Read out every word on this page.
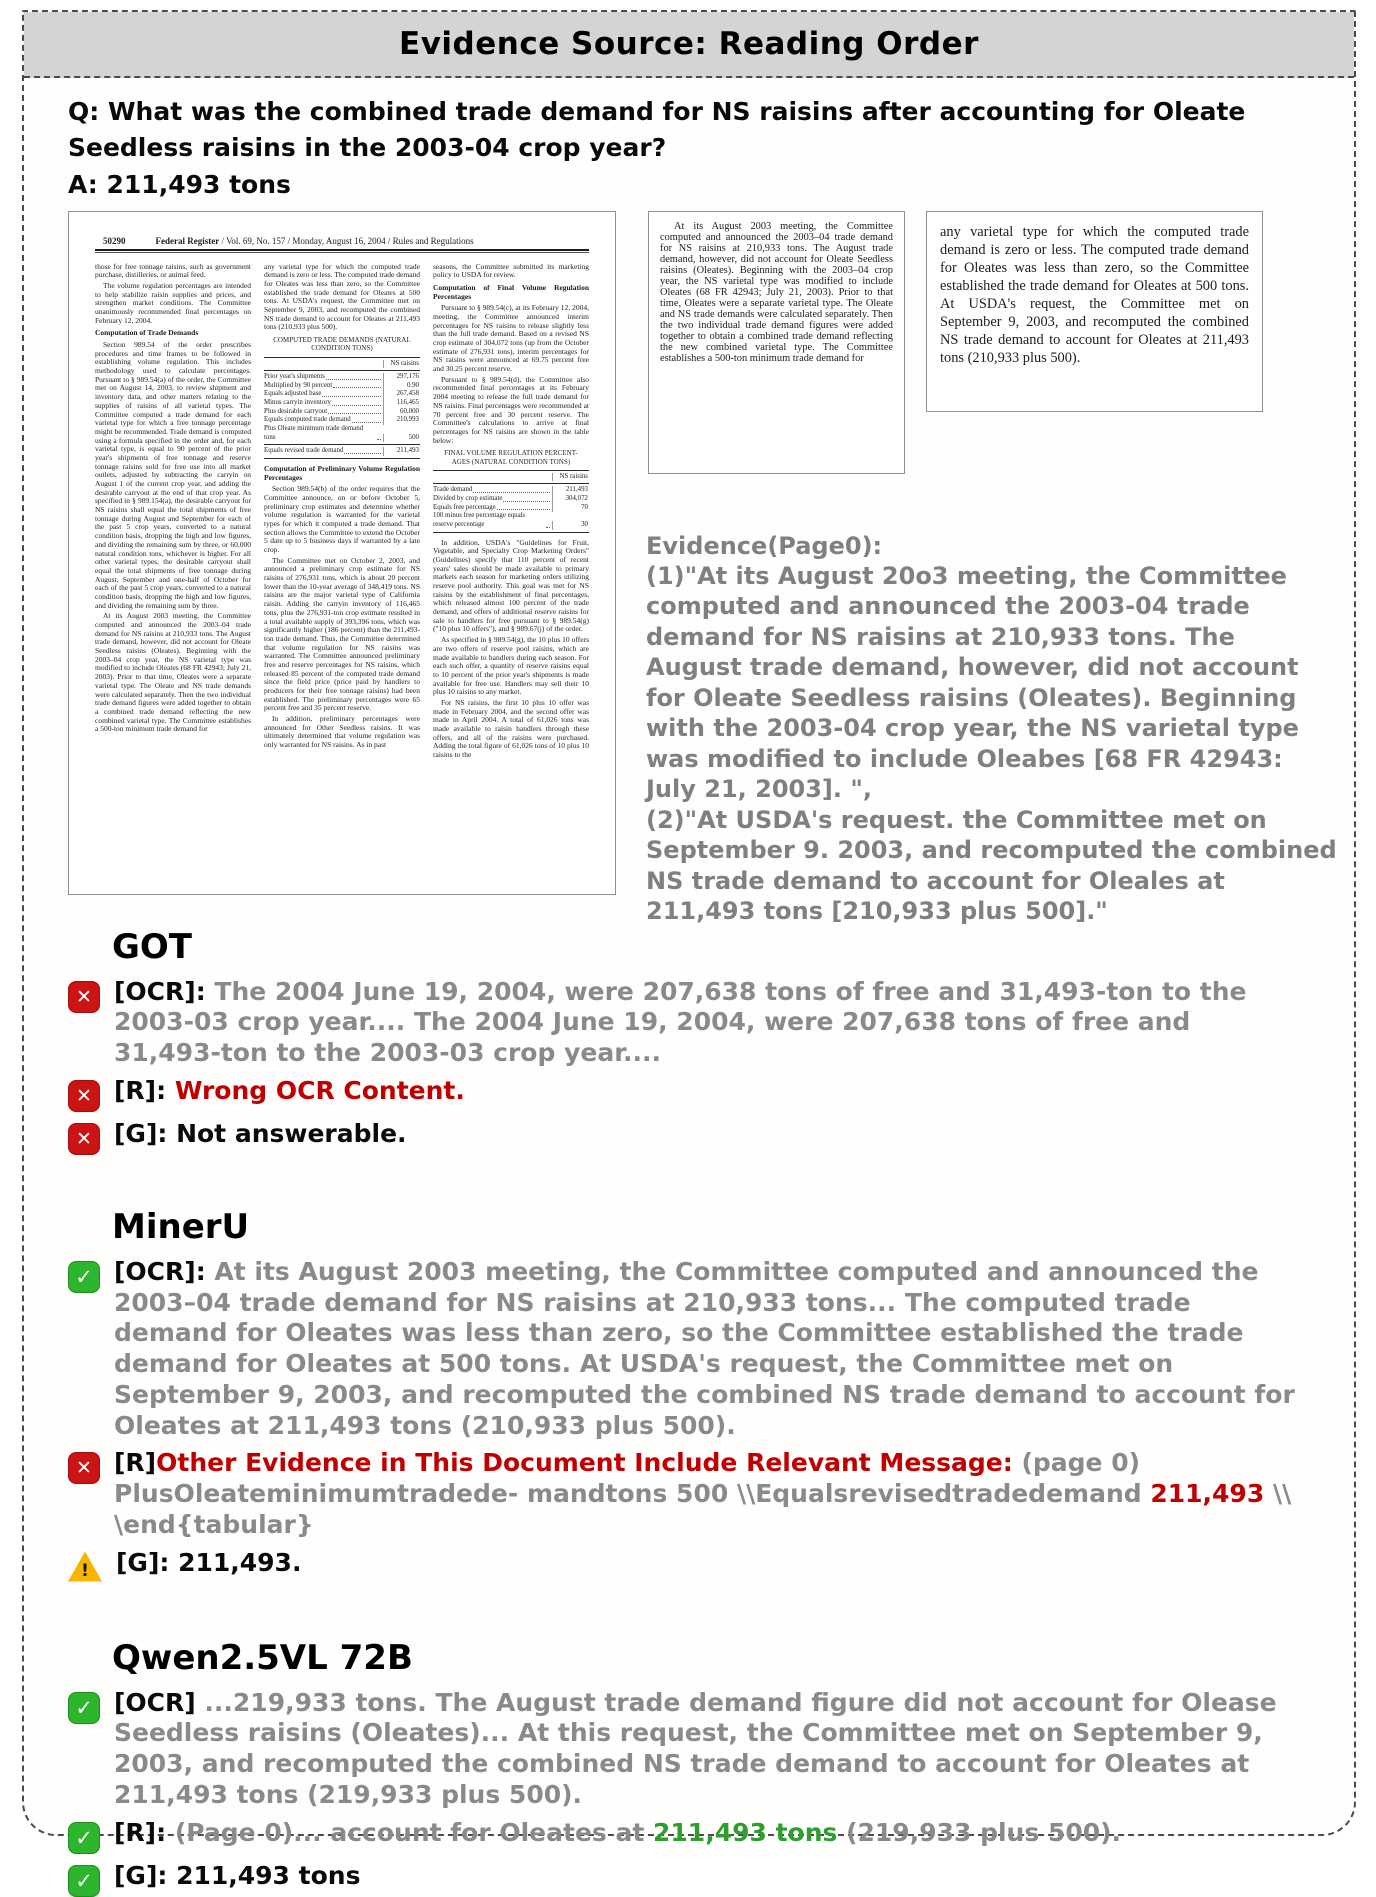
Evidence Source: Reading Order
Q: What was the combined trade demand for NS raisins after accounting for Oleate Seedless raisins in the 2003-04 crop year?
A: 211,493 tons
50290	Federal Register / Vol. 69, No. 157 / Monday, August 16, 2004 / Rules and Regulations
those for free tonnage raisins, such as government purchase, distilleries, or animal feed.
The volume regulation percentages are intended to help stabilize raisin supplies and prices, and strengthen market conditions. The Committee unanimously recommended final percentages on February 12, 2004.
Computation of Trade Demands
Section 989.54 of the order prescribes procedures and time frames to be followed in establishing volume regulation. This includes methodology used to calculate percentages. Pursuant to § 989.54(a) of the order, the Committee met on August 14, 2003, to review shipment and inventory data, and other matters relating to the supplies of raisins of all varietal types. The Committee computed a trade demand for each varietal type for which a free tonnage percentage might be recommended. Trade demand is computed using a formula specified in the order and, for each varietal type, is equal to 90 percent of the prior year's shipments of free tonnage and reserve tonnage raisins sold for free use into all market outlets, adjusted by subtracting the carryin on August 1 of the current crop year, and adding the desirable carryout at the end of that crop year. As specified in § 989.154(a), the desirable carryout for NS raisins shall equal the total shipments of free tonnage during August and September for each of the past 5 crop years, converted to a natural condition basis, dropping the high and low figures, and dividing the remaining sum by three, or 60,000 natural condition tons, whichever is higher. For all other varietal types, the desirable carryout shall equal the total shipments of free tonnage during August, September and one-half of October for each of the past 5 crop years, converted to a natural condition basis, dropping the high and low figures, and dividing the remaining sum by three.
At its August 2003 meeting, the Committee computed and announced the 2003–04 trade demand for NS raisins at 210,933 tons. The August trade demand, however, did not account for Oleate Seedless raisins (Oleates). Beginning with the 2003–04 crop year, the NS varietal type was modified to include Oleates (68 FR 42943; July 21, 2003). Prior to that time, Oleates were a separate varietal type. The Oleate and NS trade demands were calculated separately. Then the two individual trade demand figures were added together to obtain a combined trade demand reflecting the new combined varietal type. The Committee establishes a 500-ton minimum trade demand for
any varietal type for which the computed trade demand is zero or less. The computed trade demand for Oleates was less than zero, so the Committee established the trade demand for Oleates at 500 tons. At USDA's request, the Committee met on September 9, 2003, and recomputed the combined NS trade demand to account for Oleates at 211,493 tons (210,933 plus 500).
COMPUTED TRADE DEMANDS (NATURAL CONDITION TONS)
NS raisins
Prior year's shipments	297,176
Multiplied by 90 percent	0.90
Equals adjusted base	267,458
Minus carryin inventory	116,465
Plus desirable carryout	60,000
Equals computed trade demand	210,993
Plus Oleate minimum trade demand tons	500
Equals revised trade demand	211,493
Computation of Preliminary Volume Regulation Percentages
Section 989.54(b) of the order requires that the Committee announce, on or before October 5, preliminary crop estimates and determine whether volume regulation is warranted for the varietal types for which it computed a trade demand. That section allows the Committee to extend the October 5 date up to 5 business days if warranted by a late crop.
The Committee met on October 2, 2003, and announced a preliminary crop estimate for NS raisins of 276,931 tons, which is about 20 percent lower than the 10-year average of 348,419 tons. NS raisins are the major varietal type of California raisin. Adding the carryin inventory of 116,465 tons, plus the 276,931-ton crop estimate resulted in a total available supply of 393,396 tons, which was significantly higher (186 percent) than the 211,493-ton trade demand. Thus, the Committee determined that volume regulation for NS raisins was warranted. The Committee announced preliminary free and reserve percentages for NS raisins, which released 85 percent of the computed trade demand since the field price (price paid by handlers to producers for their free tonnage raisins) had been established. The preliminary percentages were 65 percent free and 35 percent reserve.
In addition, preliminary percentages were announced for Other Seedless raisins. It was ultimately determined that volume regulation was only warranted for NS raisins. As in past
seasons, the Committee submitted its marketing policy to USDA for review.
Computation of Final Volume Regulation Percentages
Pursuant to § 989.54(c), at its February 12, 2004, meeting, the Committee announced interim percentages for NS raisins to release slightly less than the full trade demand. Based on a revised NS crop estimate of 304,072 tons (up from the October estimate of 276,931 tons), interim percentages for NS raisins were announced at 69.75 percent free and 30.25 percent reserve.
Pursuant to § 989.54(d), the Committee also recommended final percentages at its February 2004 meeting to release the full trade demand for NS raisins. Final percentages were recommended at 70 percent free and 30 percent reserve. The Committee's calculations to arrive at final percentages for NS raisins are shown in the table below:
FINAL VOLUME REGULATION PERCENT- AGES (NATURAL CONDITION TONS)
NS raisins
Trade demand	211,493
Divided by crop estimate	304,072
Equals free percentage	70
100 minus free percentage equals reserve percentage	30
In addition, USDA's "Guidelines for Fruit, Vegetable, and Specialty Crop Marketing Orders" (Guidelines) specify that 110 percent of recent years' sales should be made available to primary markets each season for marketing orders utilizing reserve pool authority. This goal was met for NS raisins by the establishment of final percentages, which released almost 100 percent of the trade demand, and offers of additional reserve raisins for sale to handlers for free pursuant to § 989.54(g) ("10 plus 10 offers"), and § 989.67(j) of the order.
As specified in § 989.54(g), the 10 plus 10 offers are two offers of reserve pool raisins, which are made available to handlers during each season. For each such offer, a quantity of reserve raisins equal to 10 percent of the prior year's shipments is made available for free use. Handlers may sell their 10 plus 10 raisins to any market.
For NS raisins, the first 10 plus 10 offer was made in February 2004, and the second offer was made in April 2004. A total of 61,026 tons was made available to raisin handlers through these offers, and all of the raisins were purchased. Adding the total figure of 61,026 tons of 10 plus 10 raisins to the
At its August 2003 meeting, the Committee computed and announced the 2003–04 trade demand for NS raisins at 210,933 tons. The August trade demand, however, did not account for Oleate Seedless raisins (Oleates). Beginning with the 2003–04 crop year, the NS varietal type was modified to include Oleates (68 FR 42943; July 21, 2003). Prior to that time, Oleates were a separate varietal type. The Oleate and NS trade demands were calculated separately. Then the two individual trade demand figures were added together to obtain a combined trade demand reflecting the new combined varietal type. The Committee establishes a 500-ton minimum trade demand for
any varietal type for which the computed trade demand is zero or less. The computed trade demand for Oleates was less than zero, so the Committee established the trade demand for Oleates at 500 tons. At USDA's request, the Committee met on September 9, 2003, and recomputed the combined NS trade demand to account for Oleates at 211,493 tons (210,933 plus 500).
Evidence(Page0):
(1)"At its August 20o3 meeting, the Committee computed and announced the 2003-04 trade demand for NS raisins at 210,933 tons. The August trade demand, however, did not account for Oleate Seedless raisins (Oleates). Beginning with the 2003-04 crop year, the NS varietal type was modified to include Oleabes [68 FR 42943: July 21, 2003]. ",
(2)"At USDA's request. the Committee met on September 9. 2003, and recomputed the combined NS trade demand to account for Oleales at 211,493 tons [210,933 plus 500]."
GOT
✕
[OCR]: The 2004 June 19, 2004, were 207,638 tons of free and 31,493-ton to the 2003-03 crop year.... The 2004 June 19, 2004, were 207,638 tons of free and 31,493-ton to the 2003-03 crop year....
✕
[R]: Wrong OCR Content.
✕
[G]: Not answerable.
MinerU
✓
[OCR]: At its August 2003 meeting, the Committee computed and announced the 2003–04 trade demand for NS raisins at 210,933 tons... The computed trade demand for Oleates was less than zero, so the Committee established the trade demand for Oleates at 500 tons. At USDA's request, the Committee met on September 9, 2003, and recomputed the combined NS trade demand to account for Oleates at 211,493 tons (210,933 plus 500).
✕
[R]Other Evidence in This Document Include Relevant Message: (page 0)
PlusOleateminimumtradede- mandtons 500 \\Equalsrevisedtradedemand 211,493 \\
\end{tabular}
!
[G]: 211,493.
Qwen2.5VL 72B
✓
[OCR] ...219,933 tons. The August trade demand figure did not account for Olease Seedless raisins (Oleates)... At this request, the Committee met on September 9, 2003, and recomputed the combined NS trade demand to account for Oleates at 211,493 tons (219,933 plus 500).
✓
[R]: (Page 0)... account for Oleates at 211,493 tons (219,933 plus 500).
✓
[G]: 211,493 tons
